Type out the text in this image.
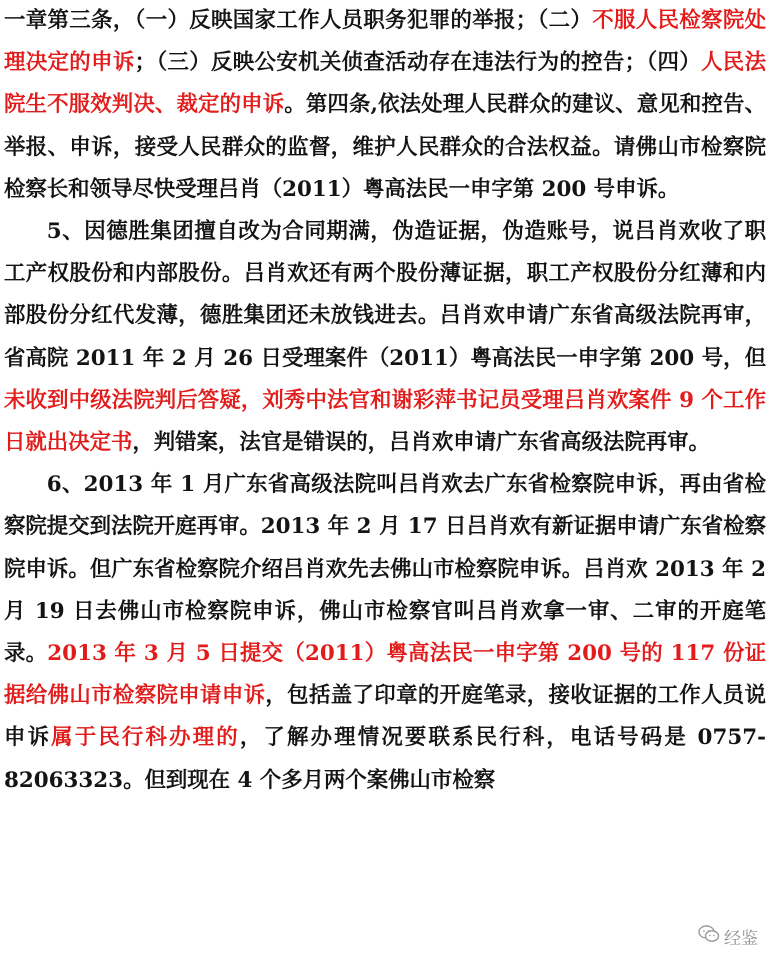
一章第三条，（一）反映国家工作人员职务犯罪的举报；（二）不服人民检察院处理决定的申诉；（三）反映公安机关侦查活动存在违法行为的控告；（四）人民法院生不服效判决、裁定的申诉。第四条,依法处理人民群众的建议、意见和控告、举报、申诉，接受人民群众的监督，维护人民群众的合法权益。请佛山市检察院检察长和领导尽快受理吕肖（2011）粤高法民一申字第 200 号申诉。

5、因德胜集团擅自改为合同期满，伪造证据，伪造账号，说吕肖欢收了职工产权股份和内部股份。吕肖欢还有两个股份薄证据，职工产权股份分红薄和内部股份分红代发薄，德胜集团还未放钱进去。吕肖欢申请广东省高级法院再审，省高院 2011 年 2 月 26 日受理案件（2011）粤高法民一申字第 200 号，但未收到中级法院判后答疑，刘秀中法官和谢彩萍书记员受理吕肖欢案件 9 个工作日就出决定书，判错案，法官是错误的，吕肖欢申请广东省高级法院再审。

6、2013 年 1 月广东省高级法院叫吕肖欢去广东省检察院申诉，再由省检察院提交到法院开庭再审。2013 年 2 月 17 日吕肖欢有新证据申请广东省检察院申诉。但广东省检察院介绍吕肖欢先去佛山市检察院申诉。吕肖欢 2013 年 2 月 19 日去佛山市检察院申诉，佛山市检察官叫吕肖欢拿一审、二审的开庭笔录。2013 年 3 月 5 日提交（2011）粤高法民一申字第 200 号的 117 份证据给佛山市检察院申请申诉，包括盖了印章的开庭笔录，接收证据的工作人员说申诉属于民行科办理的，了解办理情况要联系民行科，电话号码是 0757-82063323。但到现在 4 个多月两个案佛山市检察

经鉴
